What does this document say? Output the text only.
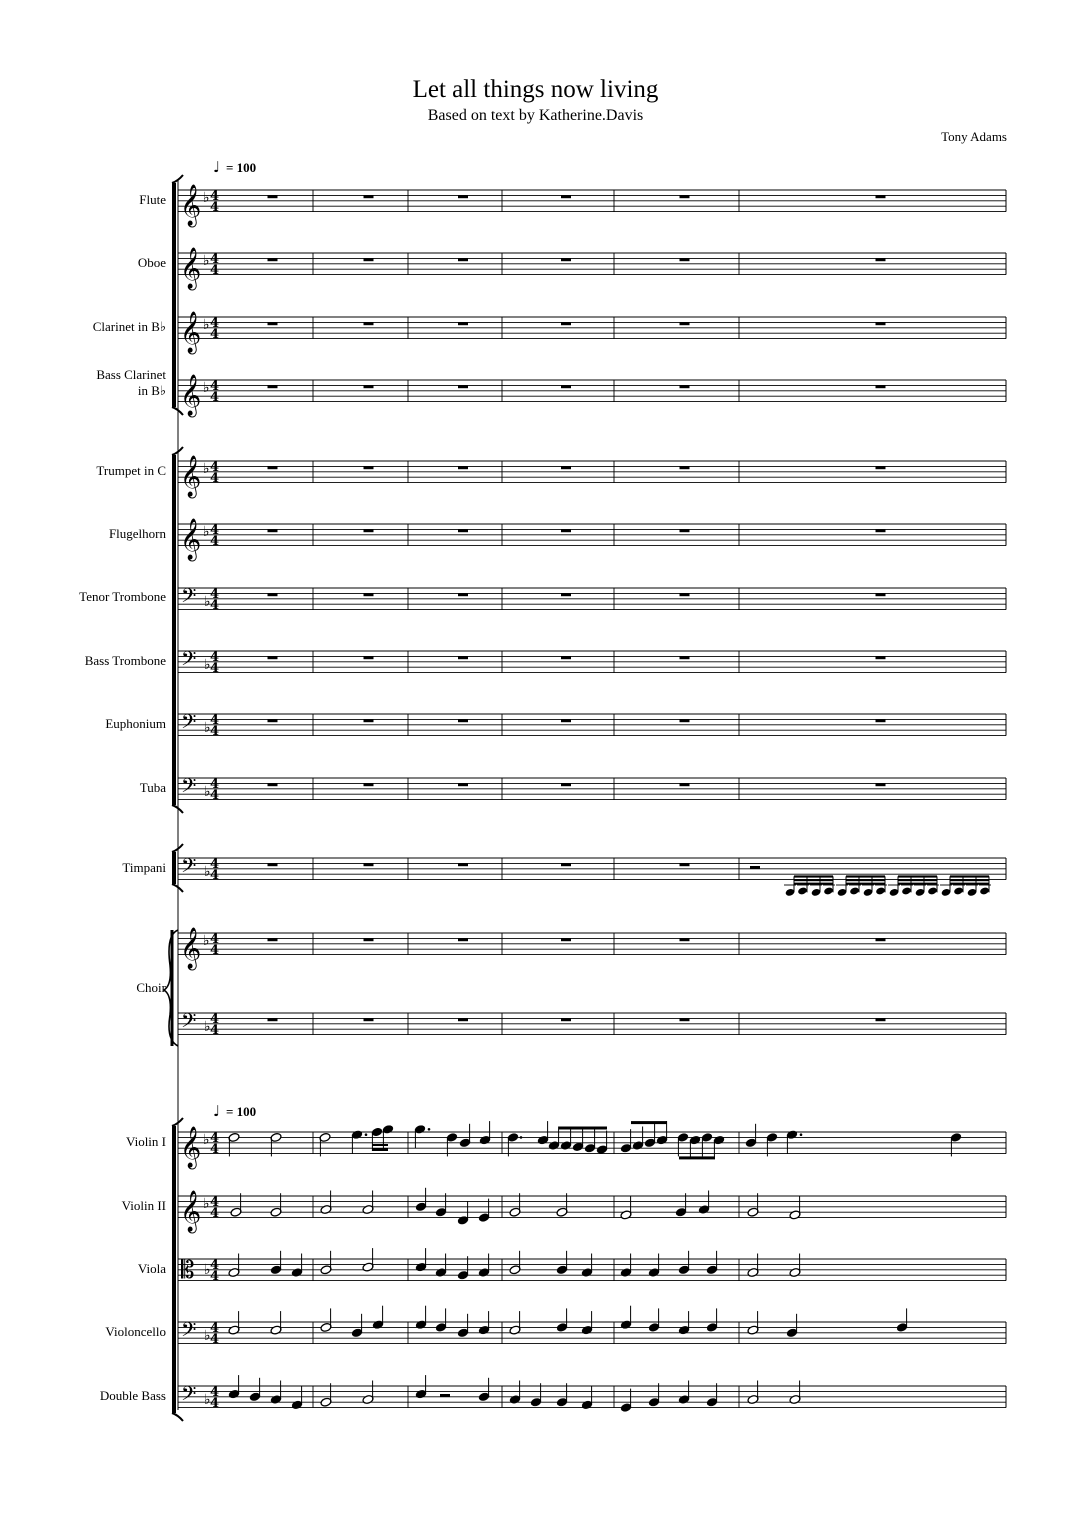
Let all things now living
Based on text by Katherine.Davis
Tony Adams
𝄞 ♭ 4
4
𝄞 ♭ 4
4
𝄞 ♭ 4
4
𝄞 ♭ 4
4
𝄞 ♭ 4
4
𝄞 ♭ 4
4
𝄢 ♭ 4
4
𝄢 ♭ 4
4
𝄢 ♭ 4
4
𝄢 ♭ 4
4
𝄢 ♭ 4
4
𝄞 ♭ 4
4
𝄢 ♭ 4
4
𝄞 ♭ 4
4
𝄞 ♭ 4
4
𝄡 ♭ 4
4
𝄢 ♭ 4
4
𝄢 ♭ 4
4
Flute
Oboe
Clarinet in B♭
Bass Clarinet in B♭
Trumpet in C
Flugelhorn
Tenor Trombone
Bass Trombone
Euphonium
Tuba
Timpani
Choir
Violin I
Violin II
Viola
Violoncello
Double Bass
♩ = 100
♩ = 100
